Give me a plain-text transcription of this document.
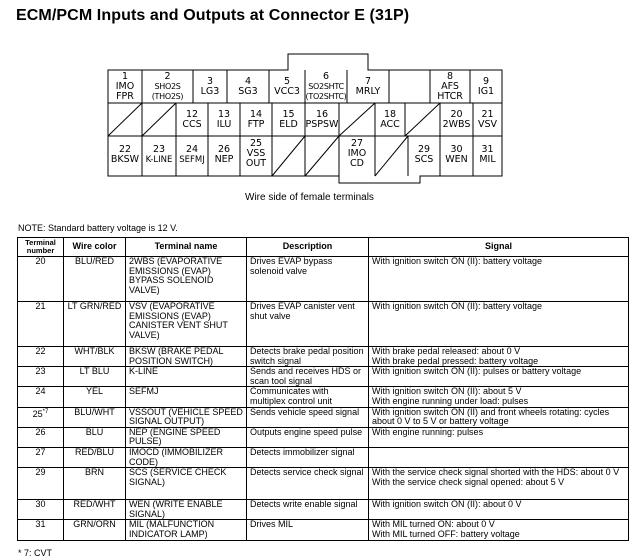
ECM/PCM Inputs and Outputs at Connector E (31P)
1
IMO FPR
2
SHO2S (THO2S)
3
LG3
4
SG3
5
VCC3
6
SO2SHTC (TO2SHTC)
7
MRLY
8
AFS HTCR
9
IG1
12
CCS
13
ILU
14
FTP
15
ELD
16
PSPSW
18
ACC
20
2WBS
21
VSV
22
BKSW
23
K-LINE
24
SEFMJ
25
VSS OUT
26
NEP
27
IMO CD
29
SCS
30
WEN
31
MIL
Wire side of female terminals
NOTE: Standard battery voltage is 12 V.
Terminal number	Wire color	Terminal name	Description	Signal
20	BLU/RED	2WBS (EVAPORATIVE EMISSIONS (EVAP) BYPASS SOLENOID VALVE)	Drives EVAP bypass solenoid valve	With ignition switch ON (II): battery voltage
21	LT GRN/RED	VSV (EVAPORATIVE EMISSIONS (EVAP) CANISTER VENT SHUT VALVE)	Drives EVAP canister vent shut valve	With ignition switch ON (II): battery voltage
22	WHT/BLK	BKSW (BRAKE PEDAL POSITION SWITCH)	Detects brake pedal position switch signal	With brake pedal released: about 0 V
With brake pedal pressed: battery voltage
23	LT BLU	K-LINE	Sends and receives HDS or scan tool signal	With ignition switch ON (II): pulses or battery voltage
24	YEL	SEFMJ	Communicates with multiplex control unit	With ignition switch ON (II): about 5 V
With engine running under load: pulses
25$^{*7}$	BLU/WHT	VSSOUT (VEHICLE SPEED SIGNAL OUTPUT)	Sends vehicle speed signal	With ignition switch ON (II) and front wheels rotating: cycles about 0 V to 5 V or battery voltage
26	BLU	NEP (ENGINE SPEED PULSE)	Outputs engine speed pulse	With engine running: pulses
27	RED/BLU	IMOCD (IMMOBILIZER CODE)	Detects immobilizer signal	
29	BRN	SCS (SERVICE CHECK SIGNAL)	Detects service check signal	With the service check signal shorted with the HDS: about 0 V
With the service check signal opened: about 5 V
30	RED/WHT	WEN (WRITE ENABLE SIGNAL)	Detects write enable signal	With ignition switch ON (II): about 0 V
31	GRN/ORN	MIL (MALFUNCTION INDICATOR LAMP)	Drives MIL	With MIL turned ON: about 0 V
With MIL turned OFF: battery voltage
* 7: CVT
